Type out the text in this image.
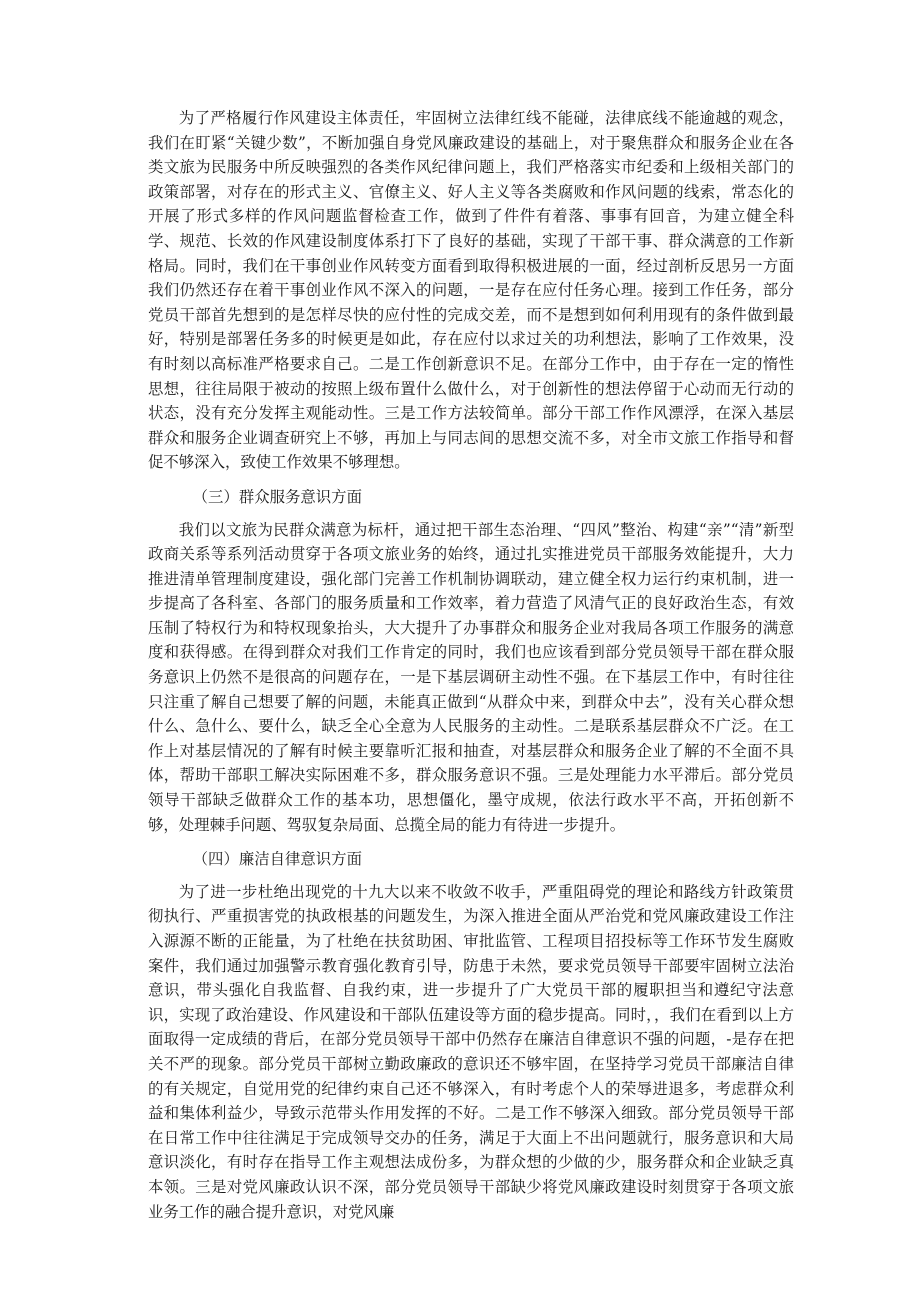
为了严格履行作风建设主体责任，牢固树立法律红线不能碰，法律底线不能逾越的观念，我们在盯紧“关键少数”，不断加强自身党风廉政建设的基础上，对于聚焦群众和服务企业在各类文旅为民服务中所反映强烈的各类作风纪律问题上，我们严格落实市纪委和上级相关部门的政策部署，对存在的形式主义、官僚主义、好人主义等各类腐败和作风问题的线索，常态化的开展了形式多样的作风问题监督检查工作，做到了件件有着落、事事有回音，为建立健全科学、规范、长效的作风建设制度体系打下了良好的基础，实现了干部干事、群众满意的工作新格局。同时，我们在干事创业作风转变方面看到取得积极进展的一面，经过剖析反思另一方面我们仍然还存在着干事创业作风不深入的问题，一是存在应付任务心理。接到工作任务，部分党员干部首先想到的是怎样尽快的应付性的完成交差，而不是想到如何利用现有的条件做到最好，特别是部署任务多的时候更是如此，存在应付以求过关的功利想法，影响了工作效果，没有时刻以高标准严格要求自己。二是工作创新意识不足。在部分工作中，由于存在一定的惰性思想，往往局限于被动的按照上级布置什么做什么，对于创新性的想法停留于心动而无行动的状态，没有充分发挥主观能动性。三是工作方法较简单。部分干部工作作风漂浮，在深入基层群众和服务企业调查研究上不够，再加上与同志间的思想交流不多，对全市文旅工作指导和督促不够深入，致使工作效果不够理想。

（三）群众服务意识方面

我们以文旅为民群众满意为标杆，通过把干部生态治理、“四风”整治、构建“亲”“清”新型政商关系等系列活动贯穿于各项文旅业务的始终，通过扎实推进党员干部服务效能提升，大力推进清单管理制度建设，强化部门完善工作机制协调联动，建立健全权力运行约束机制，进一步提高了各科室、各部门的服务质量和工作效率，着力营造了风清气正的良好政治生态，有效压制了特权行为和特权现象抬头，大大提升了办事群众和服务企业对我局各项工作服务的满意度和获得感。在得到群众对我们工作肯定的同时，我们也应该看到部分党员领导干部在群众服务意识上仍然不是很高的问题存在，一是下基层调研主动性不强。在下基层工作中，有时往往只注重了解自己想要了解的问题，未能真正做到“从群众中来，到群众中去”，没有关心群众想什么、急什么、要什么，缺乏全心全意为人民服务的主动性。二是联系基层群众不广泛。在工作上对基层情况的了解有时候主要靠听汇报和抽查，对基层群众和服务企业了解的不全面不具体，帮助干部职工解决实际困难不多，群众服务意识不强。三是处理能力水平滞后。部分党员领导干部缺乏做群众工作的基本功，思想僵化，墨守成规，依法行政水平不高，开拓创新不够，处理棘手问题、驾驭复杂局面、总揽全局的能力有待进一步提升。

（四）廉洁自律意识方面

为了进一步杜绝出现党的十九大以来不收敛不收手，严重阻碍党的理论和路线方针政策贯彻执行、严重损害党的执政根基的问题发生，为深入推进全面从严治党和党风廉政建设工作注入源源不断的正能量，为了杜绝在扶贫助困、审批监管、工程项目招投标等工作环节发生腐败案件，我们通过加强警示教育强化教育引导，防患于未然，要求党员领导干部要牢固树立法治意识，带头强化自我监督、自我约束，进一步提升了广大党员干部的履职担当和遵纪守法意识，实现了政治建设、作风建设和干部队伍建设等方面的稳步提高。同时，，我们在看到以上方面取得一定成绩的背后，在部分党员领导干部中仍然存在廉洁自律意识不强的问题，-是存在把关不严的现象。部分党员干部树立勤政廉政的意识还不够牢固，在坚持学习党员干部廉洁自律的有关规定，自觉用党的纪律约束自己还不够深入，有时考虑个人的荣辱进退多，考虑群众利益和集体利益少，导致示范带头作用发挥的不好。二是工作不够深入细致。部分党员领导干部在日常工作中往往满足于完成领导交办的任务，满足于大面上不出问题就行，服务意识和大局意识淡化，有时存在指导工作主观想法成份多，为群众想的少做的少，服务群众和企业缺乏真本领。三是对党风廉政认识不深，部分党员领导干部缺少将党风廉政建设时刻贯穿于各项文旅业务工作的融合提升意识，对党风廉
